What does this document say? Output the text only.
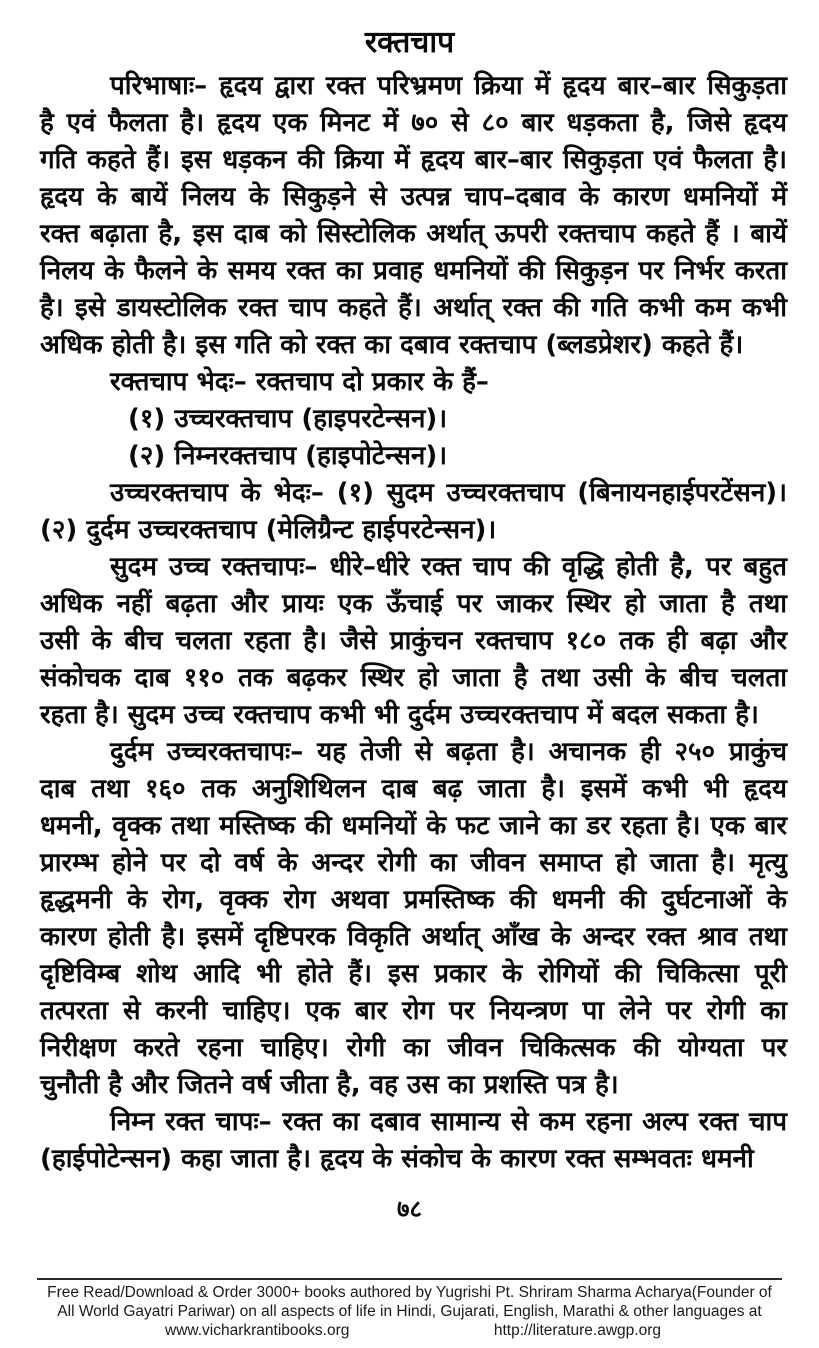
रक्तचाप
परिभाषाः– हृदय द्वारा रक्त परिभ्रमण क्रिया में हृदय बार–बार सिकुड़ता
है एवं फैलता है। हृदय एक मिनट में ७० से ८० बार धड़कता है, जिसे हृदय
गति कहते हैं। इस धड़कन की क्रिया में हृदय बार–बार सिकुड़ता एवं फैलता है।
हृदय के बायें निलय के सिकुड़ने से उत्पन्न चाप–दबाव के कारण धमनियों में
रक्त बढ़ाता है, इस दाब को सिस्टोलिक अर्थात् ऊपरी रक्तचाप कहते हैं । बायें
निलय के फैलने के समय रक्त का प्रवाह धमनियों की सिकुड़न पर निर्भर करता
है। इसे डायस्टोलिक रक्त चाप कहते हैं। अर्थात् रक्त की गति कभी कम कभी
अधिक होती है। इस गति को रक्त का दबाव रक्तचाप (ब्लडप्रेशर) कहते हैं।
रक्तचाप भेदः– रक्तचाप दो प्रकार के हैं–
(१) उच्चरक्तचाप (हाइपरटेन्सन)।
(२) निम्नरक्तचाप (हाइपोटेन्सन)।
उच्चरक्तचाप के भेदः– (१) सुदम उच्चरक्तचाप (बिनायनहाईपरटेंसन)।
(२) दुर्दम उच्चरक्तचाप (मेलिग्रैन्ट हाईपरटेन्सन)।
सुदम उच्च रक्तचापः– धीरे–धीरे रक्त चाप की वृद्धि होती है, पर बहुत
अधिक नहीं बढ़ता और प्रायः एक ऊँचाई पर जाकर स्थिर हो जाता है तथा
उसी के बीच चलता रहता है। जैसे प्राकुंचन रक्तचाप १८० तक ही बढ़ा और
संकोचक दाब ११० तक बढ़कर स्थिर हो जाता है तथा उसी के बीच चलता
रहता है। सुदम उच्च रक्तचाप कभी भी दुर्दम उच्चरक्तचाप में बदल सकता है।
दुर्दम उच्चरक्तचापः– यह तेजी से बढ़ता है। अचानक ही २५० प्राकुंच
दाब तथा १६० तक अनुशिथिलन दाब बढ़ जाता है। इसमें कभी भी हृदय
धमनी, वृक्क तथा मस्तिष्क की धमनियों के फट जाने का डर रहता है। एक बार
प्रारम्भ होने पर दो वर्ष के अन्दर रोगी का जीवन समाप्त हो जाता है। मृत्यु
हृद्धमनी के रोग, वृक्क रोग अथवा प्रमस्तिष्क की धमनी की दुर्घटनाओं के
कारण होती है। इसमें दृष्टिपरक विकृति अर्थात् आँख के अन्दर रक्त श्राव तथा
दृष्टिविम्ब शोथ आदि भी होते हैं। इस प्रकार के रोगियों की चिकित्सा पूरी
तत्परता से करनी चाहिए। एक बार रोग पर नियन्त्रण पा लेने पर रोगी का
निरीक्षण करते रहना चाहिए। रोगी का जीवन चिकित्सक की योग्यता पर
चुनौती है और जितने वर्ष जीता है, वह उस का प्रशस्ति पत्र है।
निम्न रक्त चापः– रक्त का दबाव सामान्य से कम रहना अल्प रक्त चाप
(हाईपोटेन्सन) कहा जाता है। हृदय के संकोच के कारण रक्त सम्भवतः धमनी
७८
Free Read/Download & Order 3000+ books authored by Yugrishi Pt. Shriram Sharma Acharya(Founder of
All World Gayatri Pariwar) on all aspects of life in Hindi, Gujarati, English, Marathi & other languages at
www.vicharkrantibooks.org	http://literature.awgp.org
